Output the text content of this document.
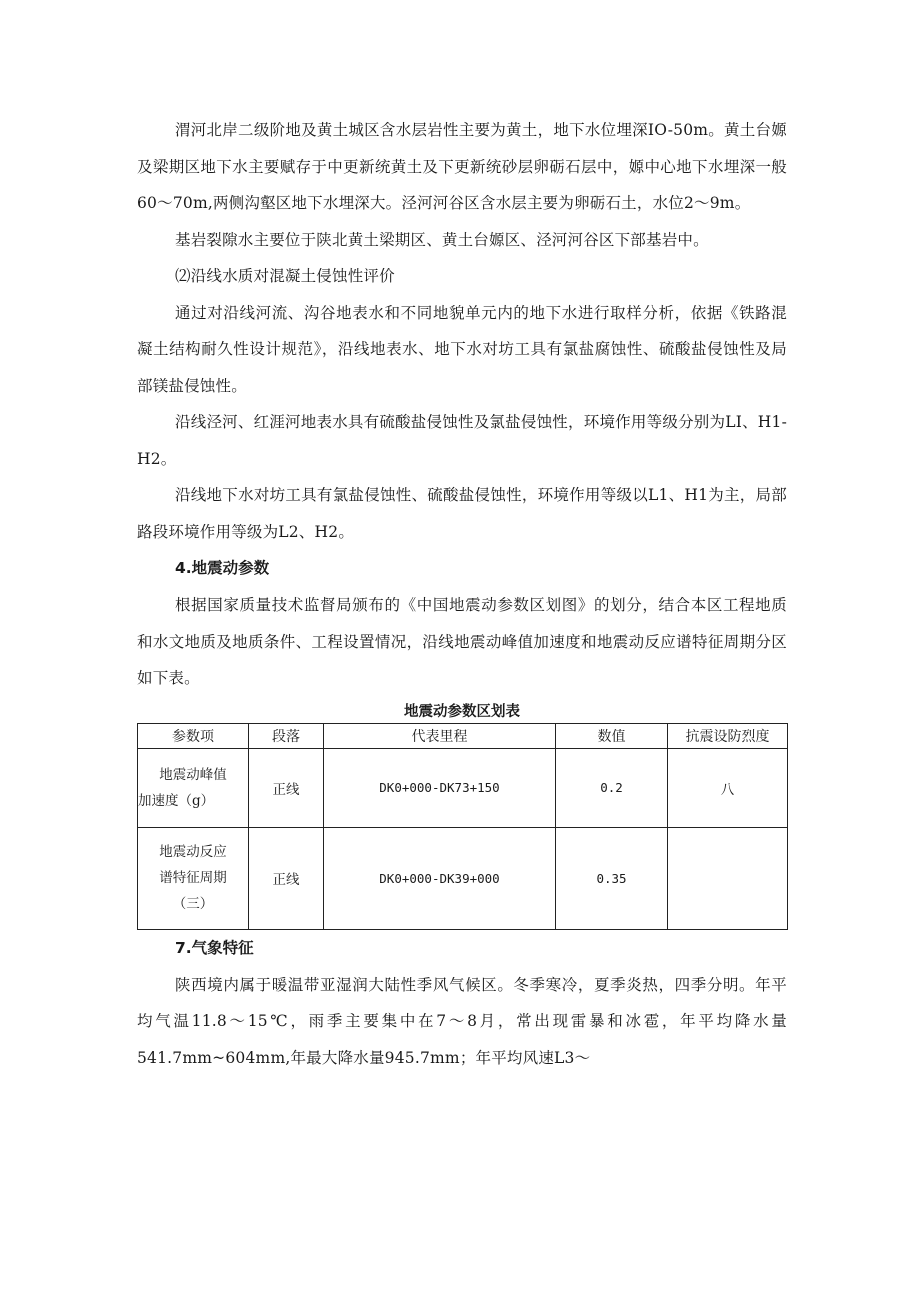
渭河北岸二级阶地及黄土城区含水层岩性主要为黄土，地下水位埋深IO-50m。黄土台嫄及梁期区地下水主要赋存于中更新统黄土及下更新统砂层卵砺石层中，嫄中心地下水埋深一般60～70m,两侧沟壑区地下水埋深大。泾河河谷区含水层主要为卵砺石土，水位2～9m。

基岩裂隙水主要位于陕北黄土梁期区、黄土台嫄区、泾河河谷区下部基岩中。

⑵沿线水质对混凝土侵蚀性评价

通过对沿线河流、沟谷地表水和不同地貌单元内的地下水进行取样分析，依据《铁路混凝土结构耐久性设计规范》，沿线地表水、地下水对坊工具有氯盐腐蚀性、硫酸盐侵蚀性及局部镁盐侵蚀性。

沿线泾河、红涯河地表水具有硫酸盐侵蚀性及氯盐侵蚀性，环境作用等级分别为LI、H1-H2。

沿线地下水对坊工具有氯盐侵蚀性、硫酸盐侵蚀性，环境作用等级以L1、H1为主，局部路段环境作用等级为L2、H2。

4.地震动参数

根据国家质量技术监督局颁布的《中国地震动参数区划图》的划分，结合本区工程地质和水文地质及地质条件、工程设置情况，沿线地震动峰值加速度和地震动反应谱特征周期分区如下表。

地震动参数区划表
参数项	段落	代表里程	数值	抗震设防烈度

地震动峰值
加速度（g）	正线	DK0+000-DK73+150	0.2	八

地震动反应
谱特征周期
（三）	正线	DK0+000-DK39+000	0.35	

7.气象特征

陕西境内属于暖温带亚湿润大陆性季风气候区。冬季寒冷，夏季炎热，四季分明。年平均气温11.8～15℃，雨季主要集中在7～8月，常出现雷暴和冰雹，年平均降水量541.7mm~604mm,年最大降水量945.7mm；年平均风速L3～
